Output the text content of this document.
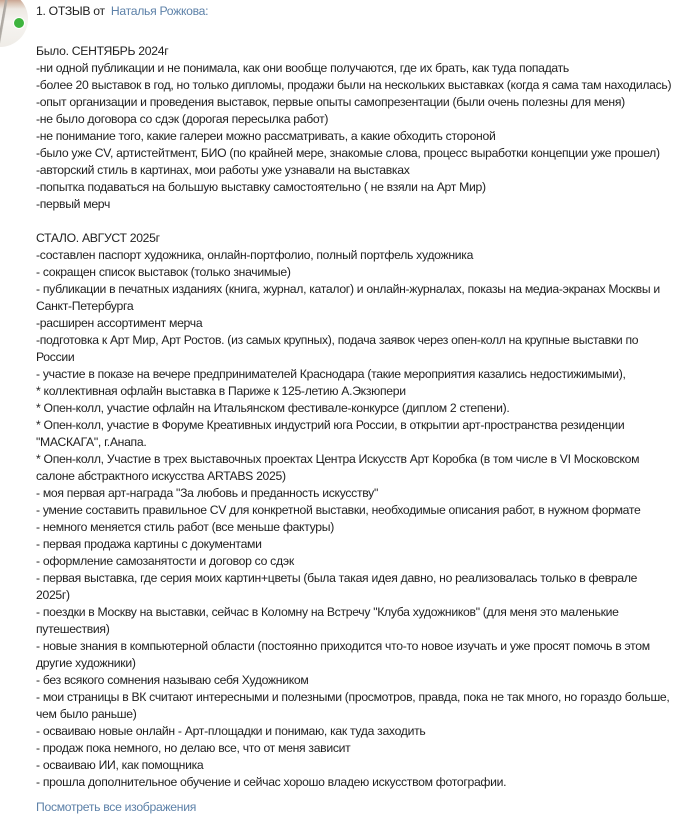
1. ОТЗЫВ от Наталья Рожкова:

Было. СЕНТЯБРЬ 2024г

-ни одной публикации и не понимала, как они вообще получаются, где их брать, как туда попадать

-более 20 выставок в год, но только дипломы, продажи были на нескольких выставках (когда я сама там находилась)

-опыт организации и проведения выставок, первые опыты самопрезентации (были очень полезны для меня)

-не было договора со сдэк (дорогая пересылка работ)

-не понимание того, какие галереи можно рассматривать, а какие обходить стороной

-было уже CV, артистейтмент, БИО (по крайней мере, знакомые слова, процесс выработки концепции уже прошел)

-авторский стиль в картинах, мои работы уже узнавали на выставках

-попытка подаваться на большую выставку самостоятельно ( не взяли на Арт Мир)

-первый мерч

СТАЛО. АВГУСТ 2025г

-составлен паспорт художника, онлайн-портфолио, полный портфель художника

- сокращен список выставок (только значимые)

- публикации в печатных изданиях (книга, журнал, каталог) и онлайн-журналах, показы на медиа-экранах Москвы и Санкт-Петербурга

-расширен ассортимент мерча

-подготовка к Арт Мир, Арт Ростов. (из самых крупных), подача заявок через опен-колл на крупные выставки по России

- участие в показе на вечере предпринимателей Краснодара (такие мероприятия казались недостижимыми),

* коллективная офлайн выставка в Париже к 125-летию А.Экзюпери

* Опен-колл, участие офлайн на Итальянском фестивале-конкурсе (диплом 2 степени).

* Опен-колл, участие в Форуме Креативных индустрий юга России, в открытии арт-пространства резиденции "МАСКАГА", г.Анапа.

* Опен-колл, Участие в трех выставочных проектах Центра Искусств Арт Коробка (в том числе в VI Московском салоне абстрактного искусства ARTABS 2025)

- моя первая арт-награда "За любовь и преданность искусству"

- умение составить правильное CV для конкретной выставки, необходимые описания работ, в нужном формате

- немного меняется стиль работ (все меньше фактуры)

- первая продажа картины с документами

- оформление самозанятости и договор со сдэк

- первая выставка, где серия моих картин+цветы (была такая идея давно, но реализовалась только в феврале 2025г)

- поездки в Москву на выставки, сейчас в Коломну на Встречу "Клуба художников" (для меня это маленькие путешествия)

- новые знания в компьютерной области (постоянно приходится что-то новое изучать и уже просят помочь в этом другие художники)

- без всякого сомнения называю себя Художником

- мои страницы в ВК считают интересными и полезными (просмотров, правда, пока не так много, но гораздо больше, чем было раньше)

- осваиваю новые онлайн - Арт-площадки и понимаю, как туда заходить

- продаж пока немного, но делаю все, что от меня зависит

- осваиваю ИИ, как помощника

- прошла дополнительное обучение и сейчас хорошо владею искусством фотографии.

Посмотреть все изображения
